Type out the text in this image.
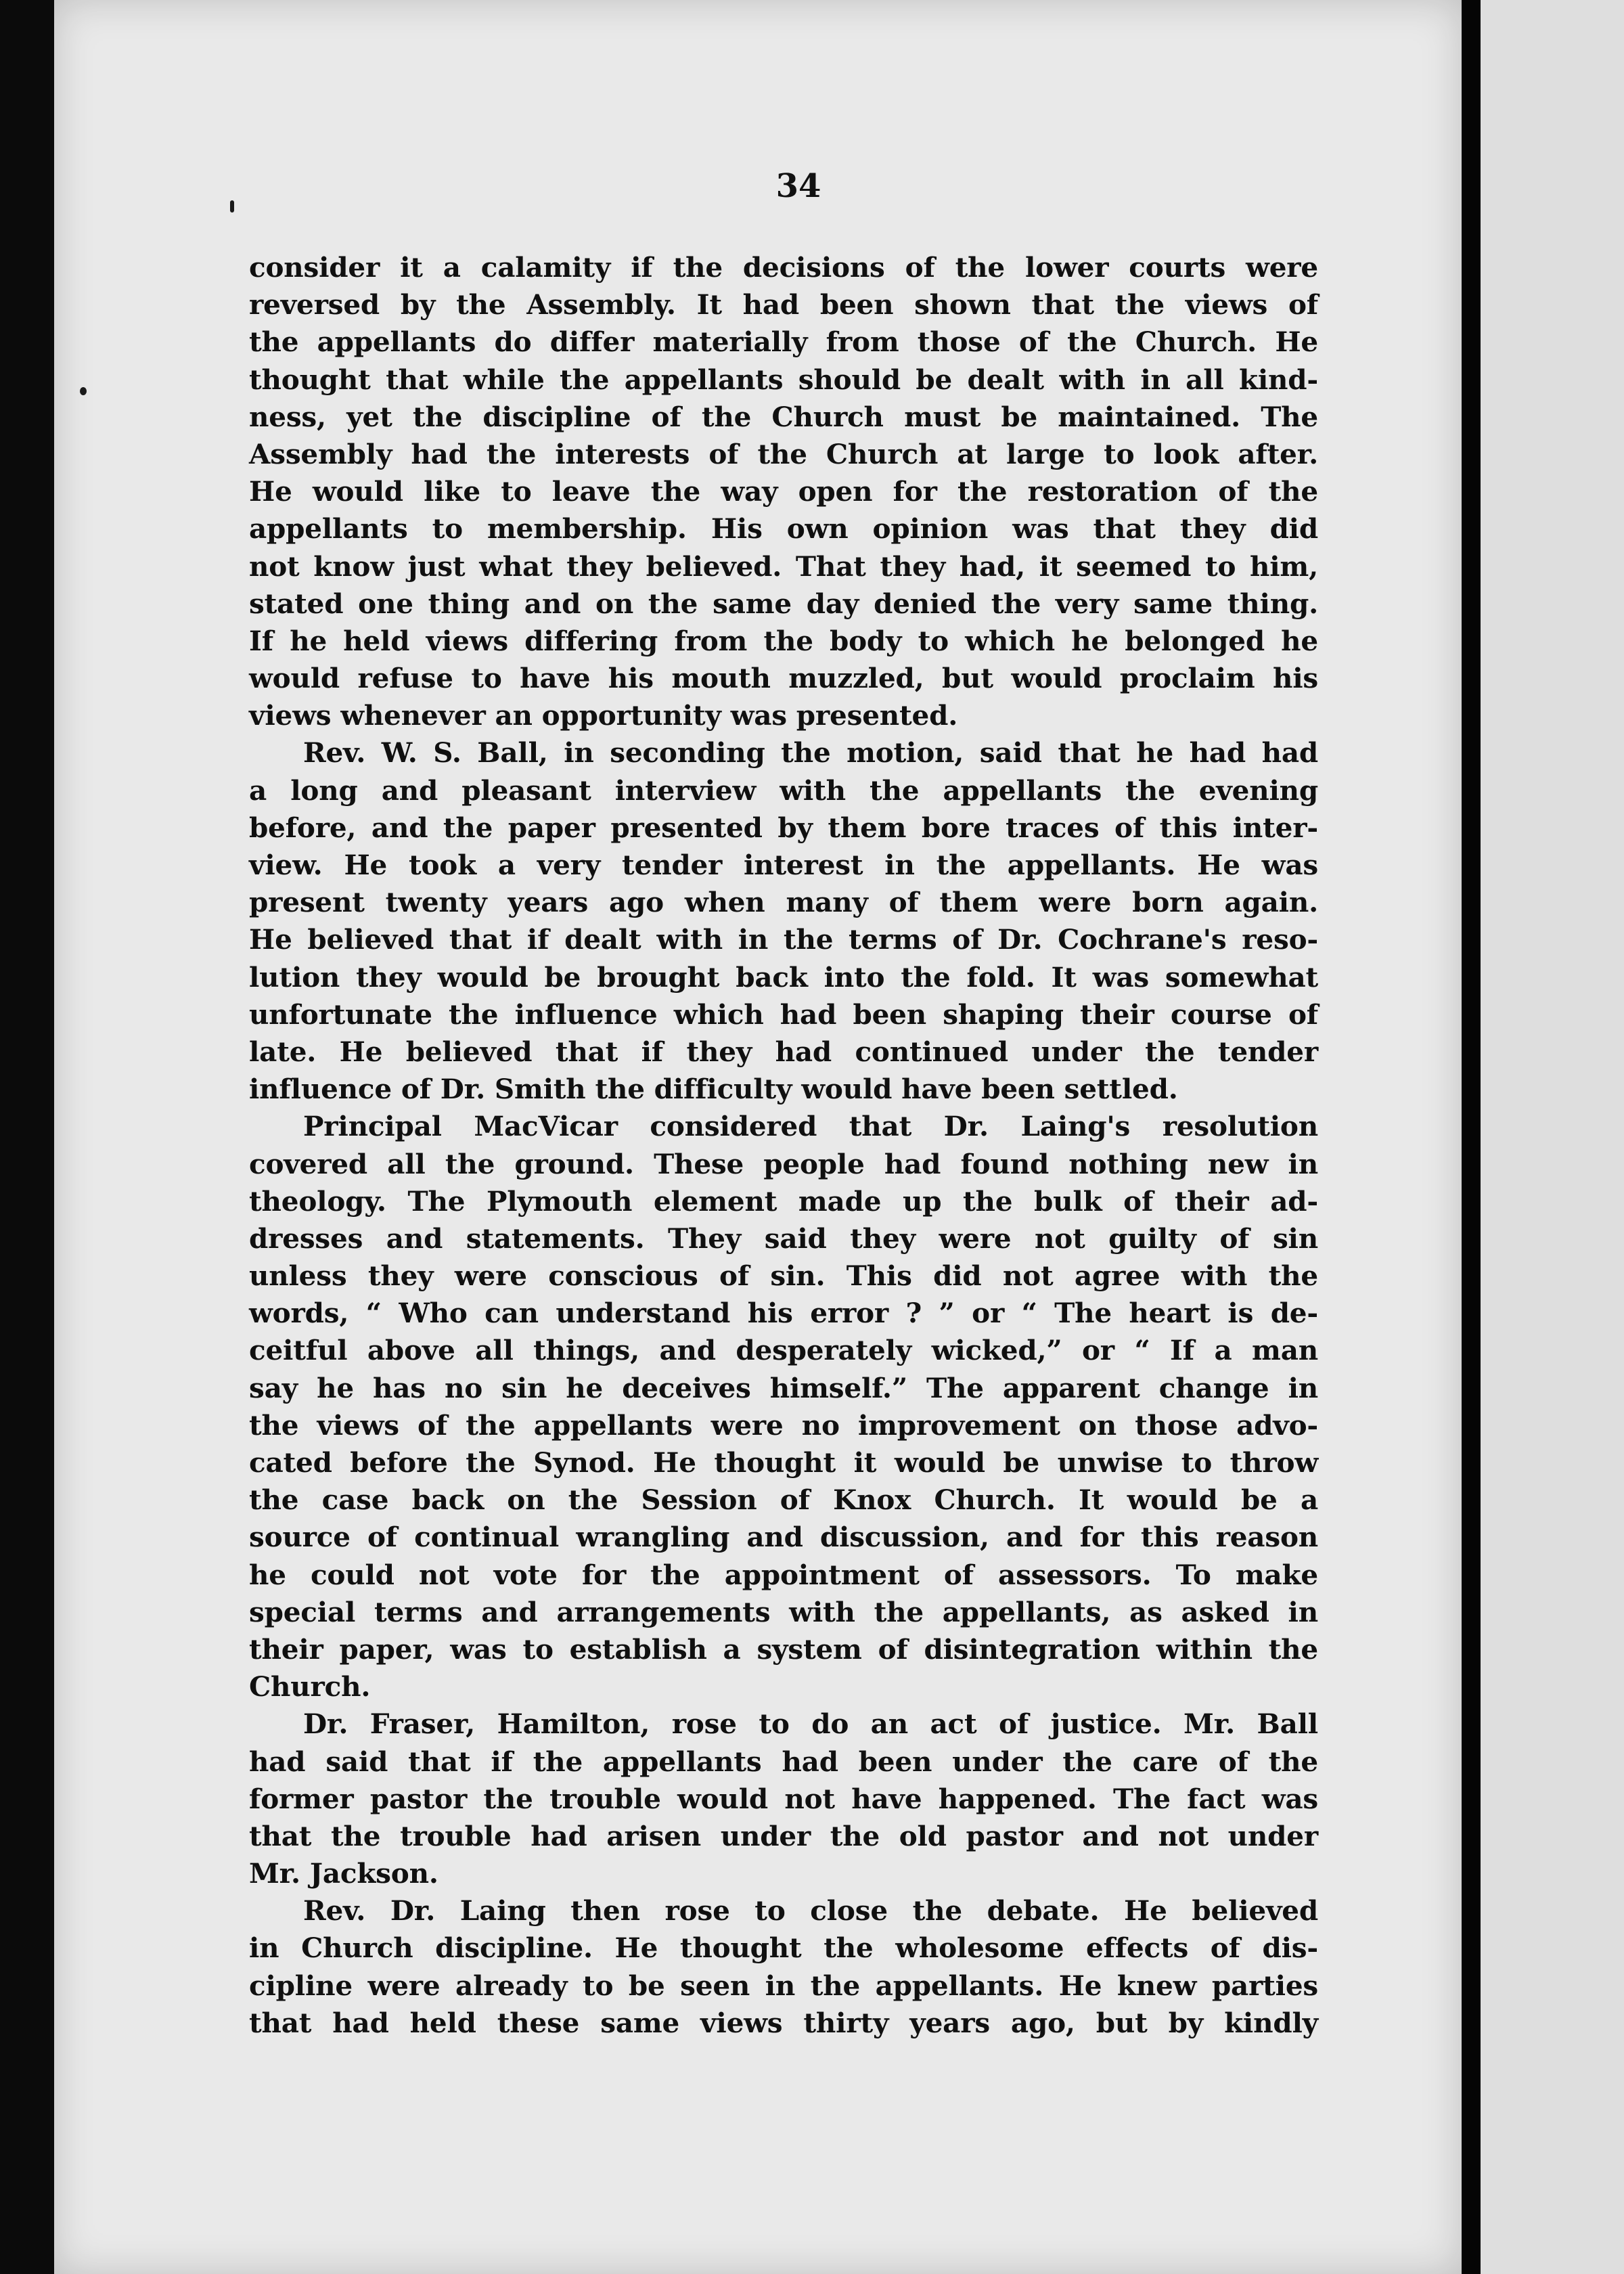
34
consider it a calamity if the decisions of the lower courts were
reversed by the Assembly. It had been shown that the views of
the appellants do differ materially from those of the Church. He
thought that while the appellants should be dealt with in all kind-
ness, yet the discipline of the Church must be maintained. The
Assembly had the interests of the Church at large to look after.
He would like to leave the way open for the restoration of the
appellants to membership. His own opinion was that they did
not know just what they believed. That they had, it seemed to him,
stated one thing and on the same day denied the very same thing.
If he held views differing from the body to which he belonged he
would refuse to have his mouth muzzled, but would proclaim his
views whenever an opportunity was presented.
Rev. W. S. Ball, in seconding the motion, said that he had had
a long and pleasant interview with the appellants the evening
before, and the paper presented by them bore traces of this inter-
view. He took a very tender interest in the appellants. He was
present twenty years ago when many of them were born again.
He believed that if dealt with in the terms of Dr. Cochrane's reso-
lution they would be brought back into the fold. It was somewhat
unfortunate the influence which had been shaping their course of
late. He believed that if they had continued under the tender
influence of Dr. Smith the difficulty would have been settled.
Principal MacVicar considered that Dr. Laing's resolution
covered all the ground. These people had found nothing new in
theology. The Plymouth element made up the bulk of their ad-
dresses and statements. They said they were not guilty of sin
unless they were conscious of sin. This did not agree with the
words, “ Who can understand his error ? ” or “ The heart is de-
ceitful above all things, and desperately wicked,” or “ If a man
say he has no sin he deceives himself.” The apparent change in
the views of the appellants were no improvement on those advo-
cated before the Synod. He thought it would be unwise to throw
the case back on the Session of Knox Church. It would be a
source of continual wrangling and discussion, and for this reason
he could not vote for the appointment of assessors. To make
special terms and arrangements with the appellants, as asked in
their paper, was to establish a system of disintegration within the
Church.
Dr. Fraser, Hamilton, rose to do an act of justice. Mr. Ball
had said that if the appellants had been under the care of the
former pastor the trouble would not have happened. The fact was
that the trouble had arisen under the old pastor and not under
Mr. Jackson.
Rev. Dr. Laing then rose to close the debate. He believed
in Church discipline. He thought the wholesome effects of dis-
cipline were already to be seen in the appellants. He knew parties
that had held these same views thirty years ago, but by kindly
